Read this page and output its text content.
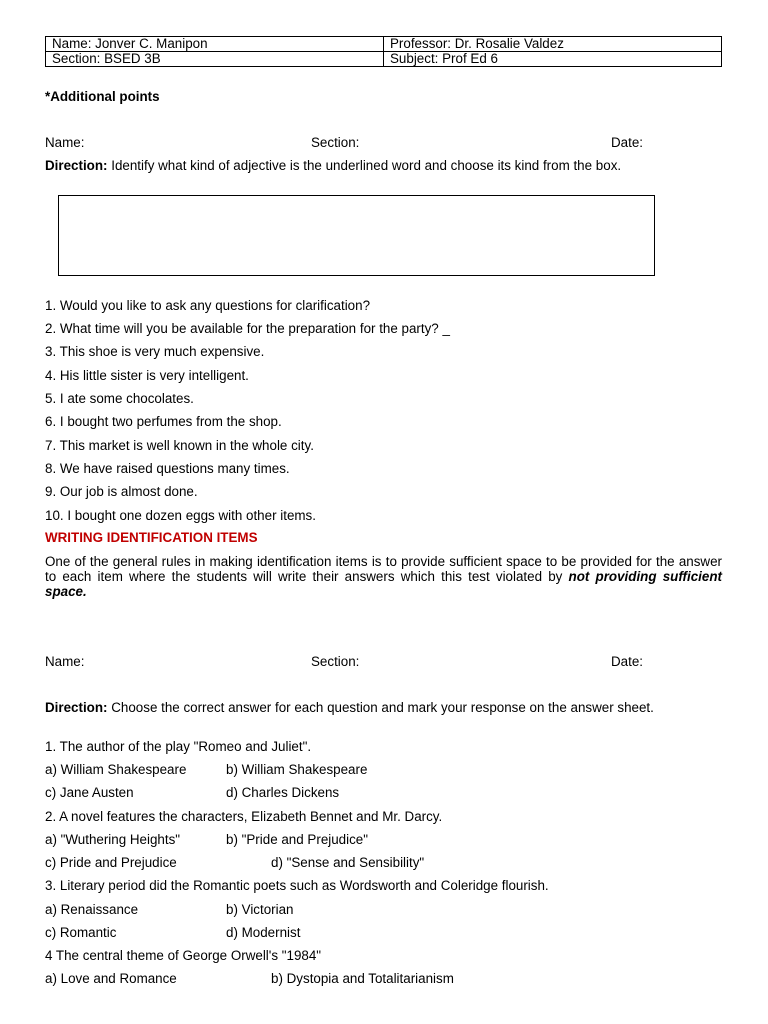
Name: Jonver C. Manipon	Professor: Dr. Rosalie Valdez
Section: BSED 3B	Subject: Prof Ed 6
*Additional points
Name:	Section:	Date:
Direction: Identify what kind of adjective is the underlined word and choose its kind from the box.
1. Would you like to ask any questions for clarification?
2. What time will you be available for the preparation for the party? _
3. This shoe is very much expensive.
4. His little sister is very intelligent.
5. I ate some chocolates.
6. I bought two perfumes from the shop.
7. This market is well known in the whole city.
8. We have raised questions many times.
9. Our job is almost done.
10. I bought one dozen eggs with other items.
WRITING IDENTIFICATION ITEMS
One of the general rules in making identification items is to provide sufficient space to be provided for the answer to each item where the students will write their answers which this test violated by not providing sufficient space.
Name:	Section:	Date:
Direction: Choose the correct answer for each question and mark your response on the answer sheet.
1. The author of the play "Romeo and Juliet".
a) William Shakespeare	b) William Shakespeare
c) Jane Austen	d) Charles Dickens
2. A novel features the characters, Elizabeth Bennet and Mr. Darcy.
a) "Wuthering Heights"	b) "Pride and Prejudice"
c) Pride and Prejudice	d) "Sense and Sensibility"
3. Literary period did the Romantic poets such as Wordsworth and Coleridge flourish.
a) Renaissance	b) Victorian
c) Romantic	d) Modernist
4 The central theme of George Orwell's "1984"
a) Love and Romance	b) Dystopia and Totalitarianism
